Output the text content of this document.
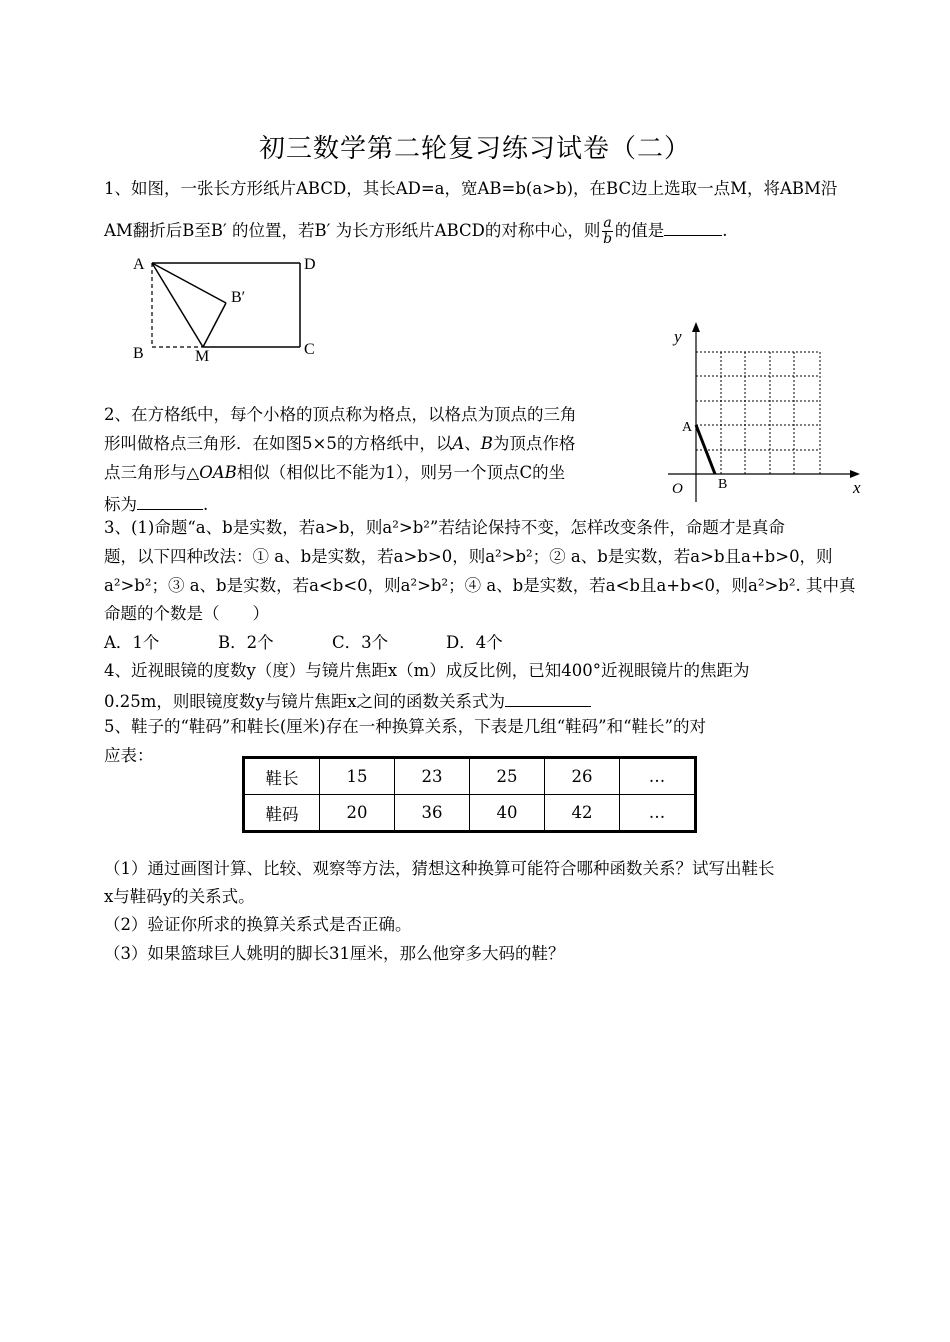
初三数学第二轮复习练习试卷（二）
1、如图，一张长方形纸片ABCD，其长AD=a，宽AB=b(a>b)，在BC边上选取一点M，将ABM沿
AM翻折后B至B′ 的位置，若B′ 为长方形纸片ABCD的对称中心，则 $\frac{a}{b}$ 的值是	.
A	D
B	C
M
B′
y
x
O
A
B
2、在方格纸中，每个小格的顶点称为格点，以格点为顶点的三角
形叫做格点三角形．在如图5×5的方格纸中，以A、B为顶点作格
点三角形与△OAB相似（相似比不能为1），则另一个顶点C的坐
标为	.
3、(1)命题“a、b是实数，若a>b，则a²>b²”若结论保持不变，怎样改变条件，命题才是真命
题，以下四种改法：① a、b是实数，若a>b>0，则a²>b²；② a、b是实数，若a>b且a+b>0，则
a²>b²；③ a、b是实数，若a<b<0，则a²>b²；④ a、b是实数，若a<b且a+b<0，则a²>b². 其中真
命题的个数是（　　）
A．1个	B．2个	C．3个	D．4个
4、近视眼镜的度数y（度）与镜片焦距x（m）成反比例，已知400°近视眼镜片的焦距为
0.25m，则眼镜度数y与镜片焦距x之间的函数关系式为
5、鞋子的“鞋码”和鞋长(厘米)存在一种换算关系，下表是几组“鞋码”和“鞋长”的对
应表：
鞋长	15	23	25	26	…
鞋码	20	36	40	42	…
（1）通过画图计算、比较、观察等方法，猜想这种换算可能符合哪种函数关系？试写出鞋长
x与鞋码y的关系式。
（2）验证你所求的换算关系式是否正确。
（3）如果篮球巨人姚明的脚长31厘米，那么他穿多大码的鞋？
